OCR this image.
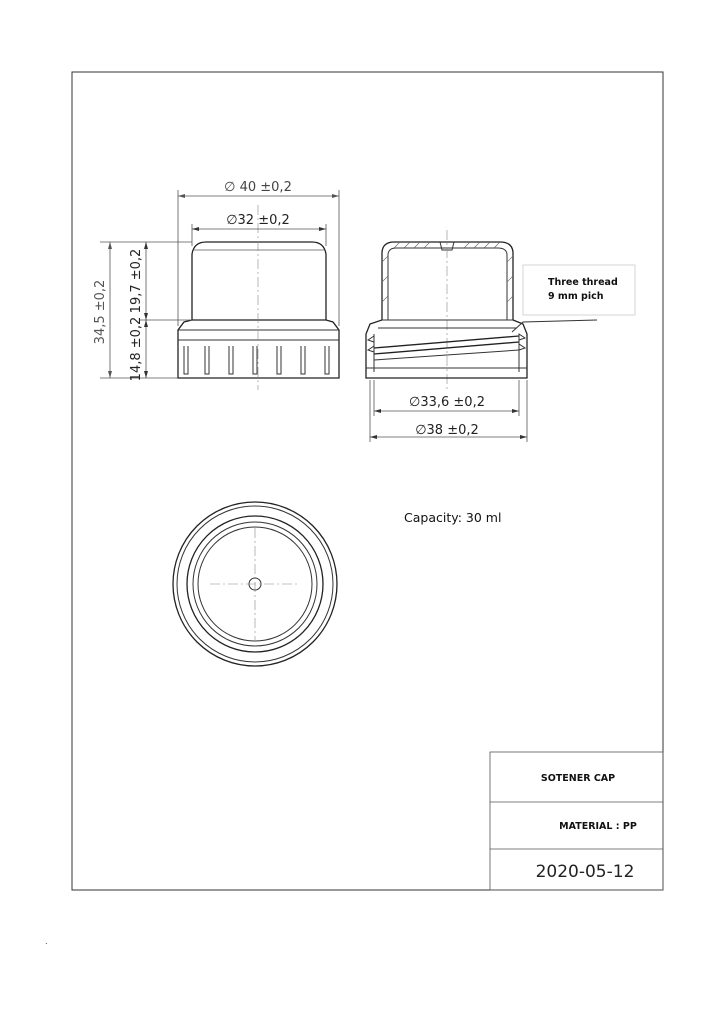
∅ 40 ±0,2
∅32 ±0,2
34,5 ±0,2 19,7 ±0,2
14,8 ±0,2
Three thread
9 mm pich
∅33,6 ±0,2
∅38 ±0,2
Capacity: 30 ml
SOTENER CAP
MATERIAL : PP
2020-05-12
.
